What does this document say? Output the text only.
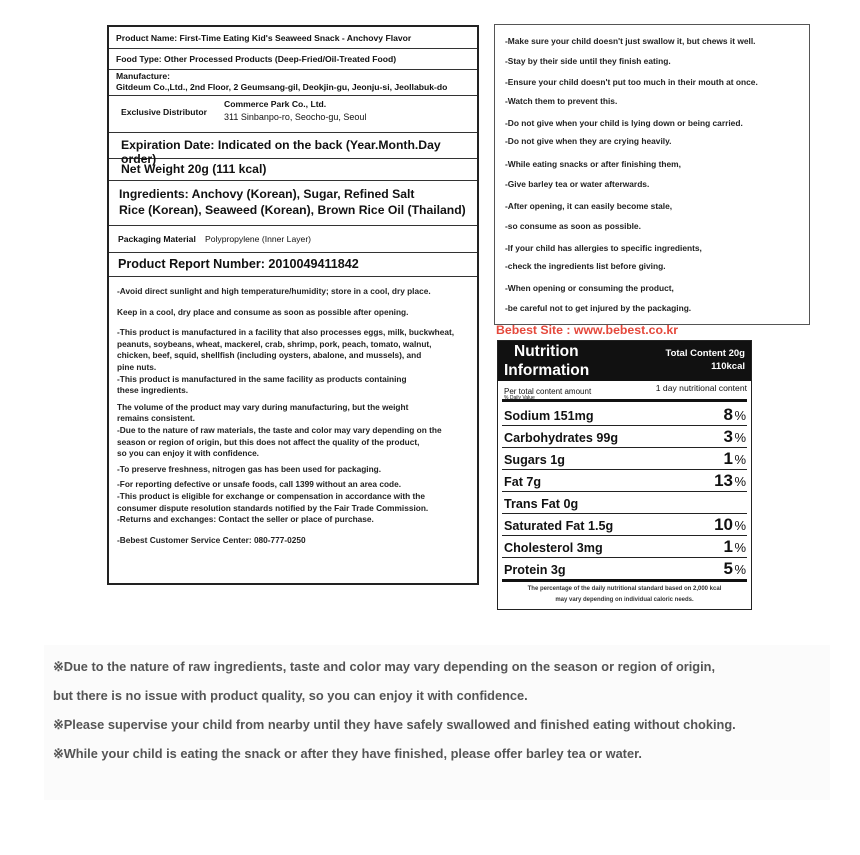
Product Name: First-Time Eating Kid's Seaweed Snack - Anchovy Flavor
Food Type: Other Processed Products (Deep-Fried/Oil-Treated Food)
Manufacture:
Gitdeum Co.,Ltd., 2nd Floor, 2 Geumsang-gil, Deokjin-gu, Jeonju-si, Jeollabuk-do
Exclusive Distributor
Commerce Park Co., Ltd.
311 Sinbanpo-ro, Seocho-gu, Seoul
Expiration Date: Indicated on the back (Year.Month.Day order)
Net Weight 20g (111 kcal)
Ingredients: Anchovy (Korean), Sugar, Refined Salt
Rice (Korean), Seaweed (Korean), Brown Rice Oil (Thailand)
Packaging Material Polypropylene (Inner Layer)
Product Report Number: 2010049411842

-Avoid direct sunlight and high temperature/humidity; store in a cool, dry place.

Keep in a cool, dry place and consume as soon as possible after opening.

-This product is manufactured in a facility that also processes eggs, milk, buckwheat,

peanuts, soybeans, wheat, mackerel, crab, shrimp, pork, peach, tomato, walnut,

chicken, beef, squid, shellfish (including oysters, abalone, and mussels), and

pine nuts.

-This product is manufactured in the same facility as products containing

these ingredients.

The volume of the product may vary during manufacturing, but the weight

remains consistent.

-Due to the nature of raw materials, the taste and color may vary depending on the

season or region of origin, but this does not affect the quality of the product,

so you can enjoy it with confidence.

-To preserve freshness, nitrogen gas has been used for packaging.

-For reporting defective or unsafe foods, call 1399 without an area code.

-This product is eligible for exchange or compensation in accordance with the

consumer dispute resolution standards notified by the Fair Trade Commission.

-Returns and exchanges: Contact the seller or place of purchase.

-Bebest Customer Service Center: 080-777-0250

-Make sure your child doesn't just swallow it, but chews it well.
-Stay by their side until they finish eating.
-Ensure your child doesn't put too much in their mouth at once.
-Watch them to prevent this.
-Do not give when your child is lying down or being carried.
-Do not give when they are crying heavily.
-While eating snacks or after finishing them,
-Give barley tea or water afterwards.
-After opening, it can easily become stale,
-so consume as soon as possible.
-If your child has allergies to specific ingredients,
-check the ingredients list before giving.
-When opening or consuming the product,
-be careful not to get injured by the packaging.
Bebest Site : www.bebest.co.kr
Nutrition
Information
Total Content 20g
110kcal
Per total content amount
% Daily Value
1 day nutritional content
Sodium 151mg	8 %
Carbohydrates 99g	3 %
Sugars 1g	1 %
Fat 7g	13 %
Trans Fat 0g
Saturated Fat 1.5g	10 %
Cholesterol 3mg	1 %
Protein 3g	5 %
The percentage of the daily nutritional standard based on 2,000 kcal
may vary depending on individual caloric needs.
※Due to the nature of raw ingredients, taste and color may vary depending on the season or region of origin,
but there is no issue with product quality, so you can enjoy it with confidence.
※Please supervise your child from nearby until they have safely swallowed and finished eating without choking.
※While your child is eating the snack or after they have finished, please offer barley tea or water.
